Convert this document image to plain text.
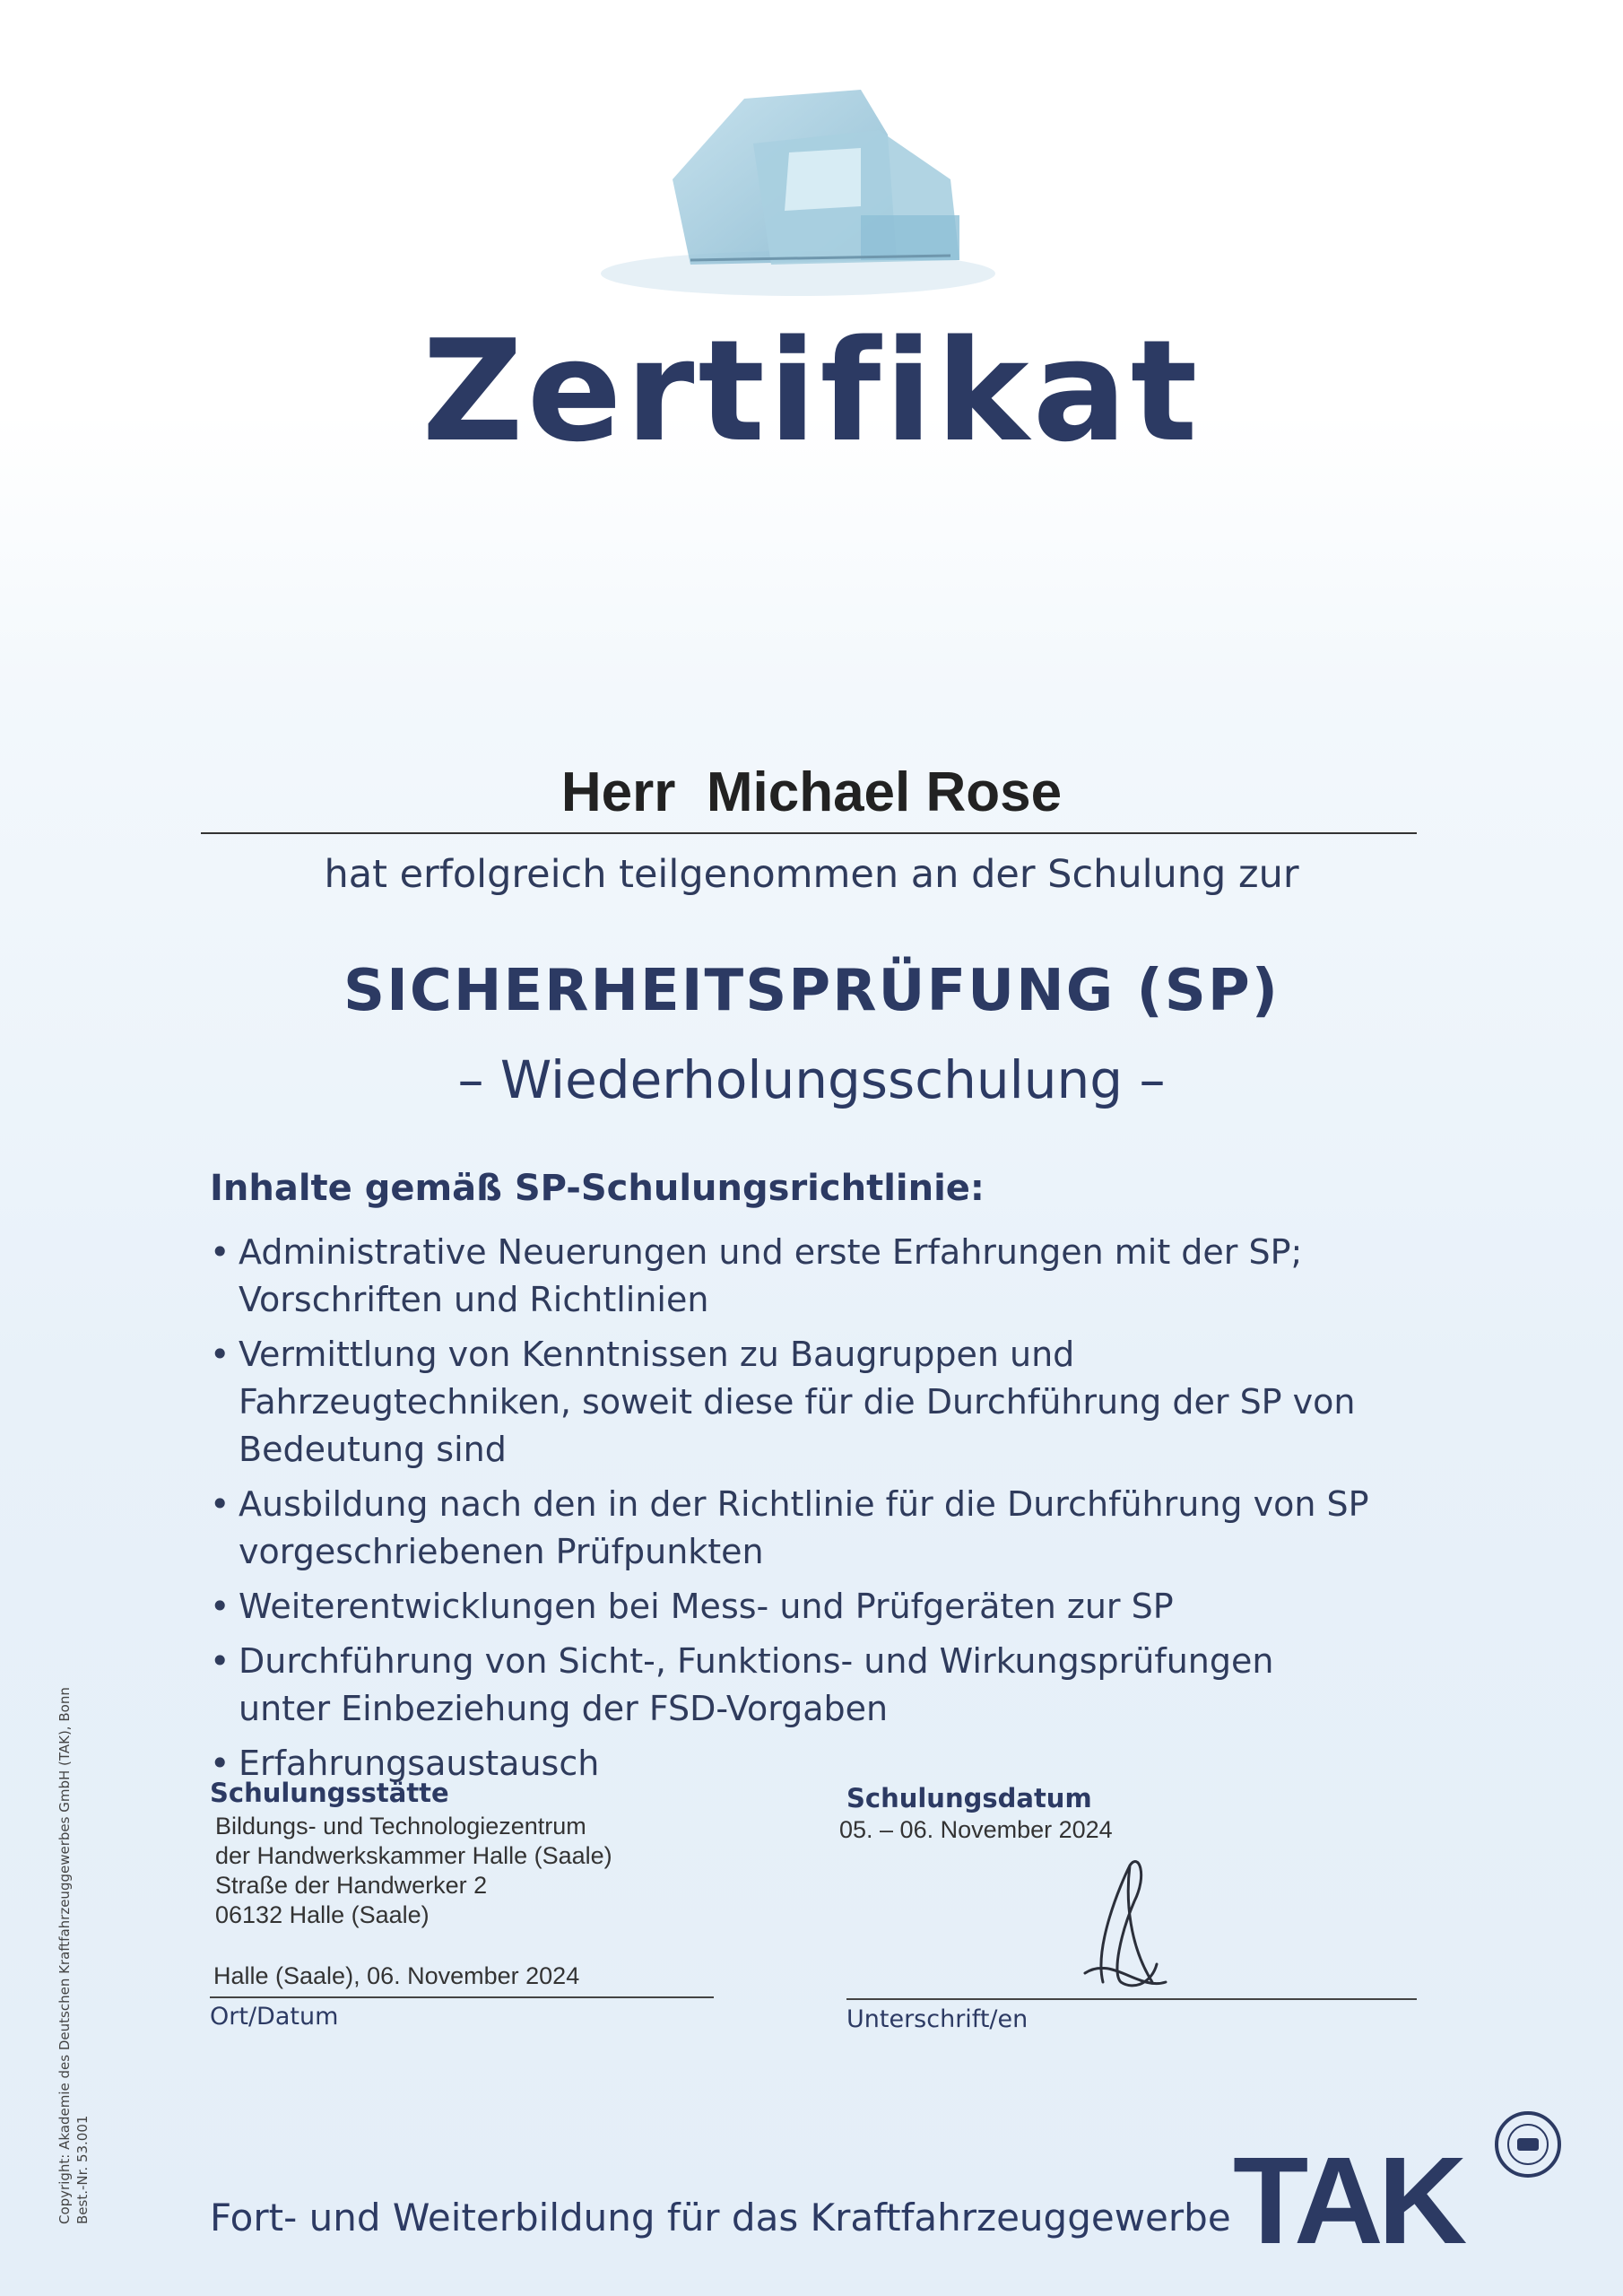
Zertifikat
Herr  Michael Rose
hat erfolgreich teilgenommen an der Schulung zur
SICHERHEITSPRÜFUNG (SP)
– Wiederholungsschulung –
Inhalte gemäß SP-Schulungsrichtlinie:
• Administrative Neuerungen und erste Erfahrungen mit der SP; Vorschriften und Richtlinien
• Vermittlung von Kenntnissen zu Baugruppen und Fahrzeugtechniken, soweit diese für die Durchführung der SP von Bedeutung sind
• Ausbildung nach den in der Richtlinie für die Durchführung von SP vorgeschriebenen Prüfpunkten
• Weiterentwicklungen bei Mess- und Prüfgeräten zur SP
• Durchführung von Sicht-, Funktions- und Wirkungsprüfungen unter Einbeziehung der FSD-Vorgaben
• Erfahrungsaustausch
Schulungsstätte
Bildungs- und Technologiezentrum
der Handwerkskammer Halle (Saale)
Straße der Handwerker 2
06132 Halle (Saale)
Schulungsdatum
05. – 06. November 2024
Halle (Saale), 06. November 2024
Ort/Datum	Unterschrift/en
Fort- und Weiterbildung für das Kraftfahrzeuggewerbe TAK
Copyright: Akademie des Deutschen Kraftfahrzeuggewerbes GmbH (TAK), Bonn Best.-Nr. 53.001
